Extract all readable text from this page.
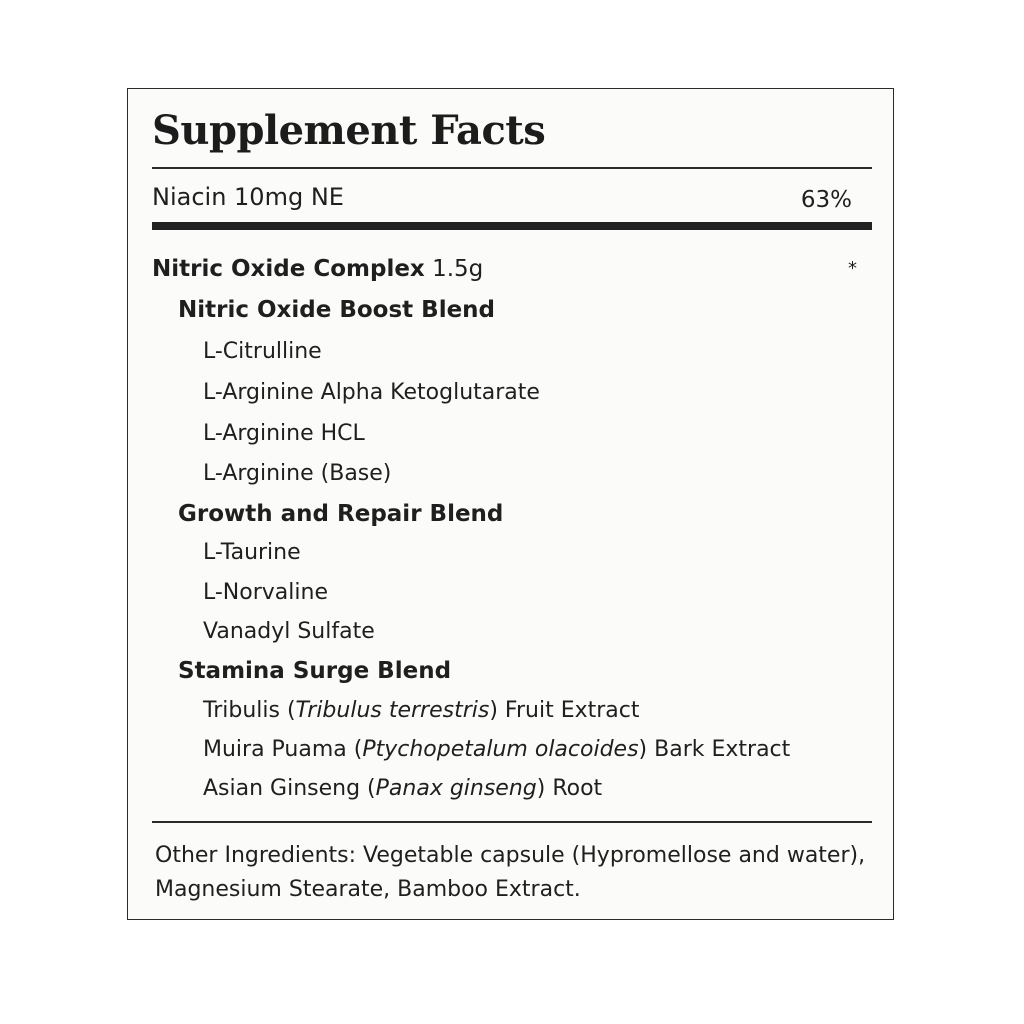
Supplement Facts
Niacin 10mg NE	63%
Nitric Oxide Complex 1.5g	*
Nitric Oxide Boost Blend
L-Citrulline
L-Arginine Alpha Ketoglutarate
L-Arginine HCL
L-Arginine (Base)
Growth and Repair Blend
L-Taurine
L-Norvaline
Vanadyl Sulfate
Stamina Surge Blend
Tribulis (Tribulus terrestris) Fruit Extract
Muira Puama (Ptychopetalum olacoides) Bark Extract
Asian Ginseng (Panax ginseng) Root
Other Ingredients: Vegetable capsule (Hypromellose and water), Magnesium Stearate, Bamboo Extract.
